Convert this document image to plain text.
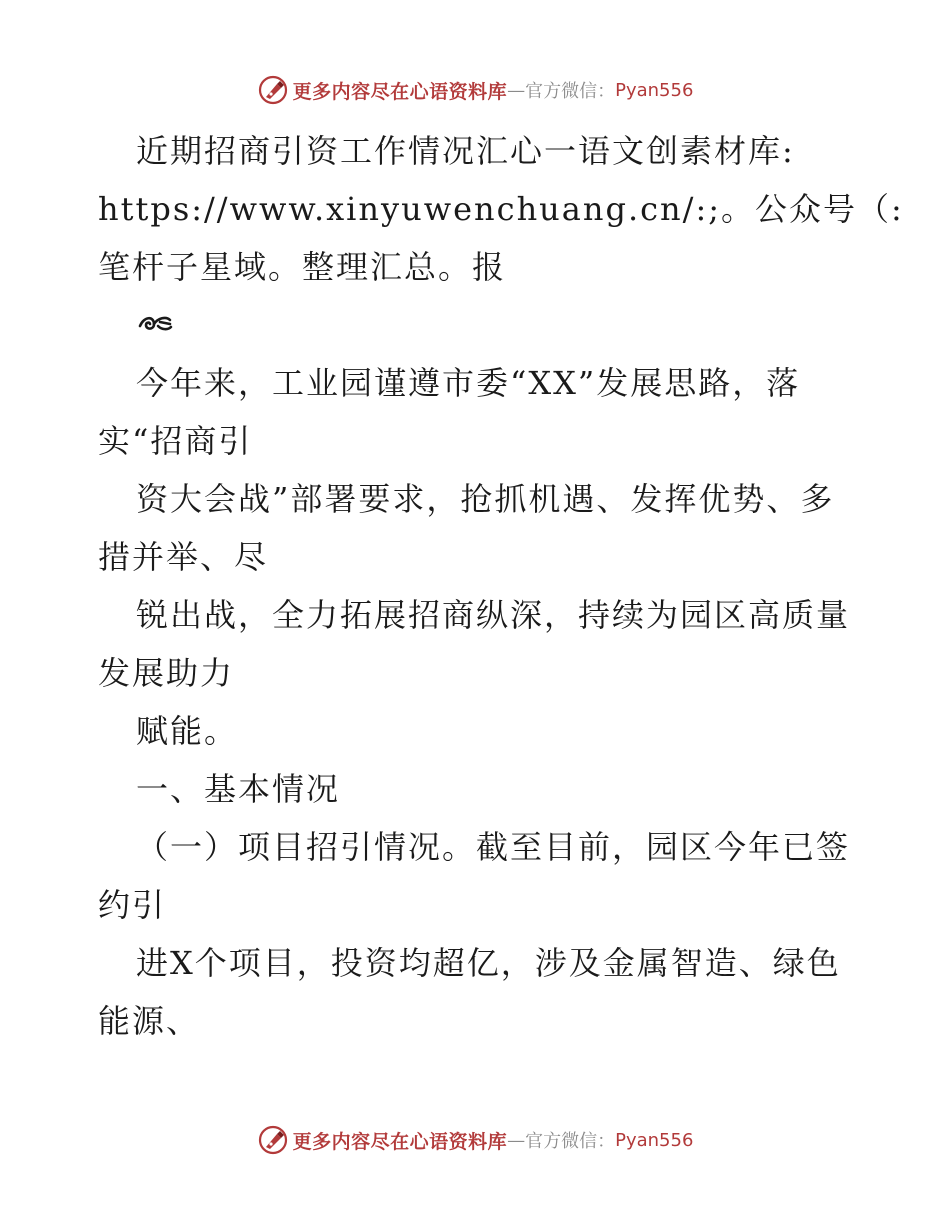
更多内容尽在心语资料库 — 官方微信： Pyan556

近期招商引资工作情况汇心一语文创素材库:

https://www.xinyuwenchuang.cn/:;。公众号（:

笔杆子星域。整理汇总。报

今年来，工业园谨遵市委“XX”发展思路，落

实“招商引

资大会战”部署要求，抢抓机遇、发挥优势、多

措并举、尽

锐出战，全力拓展招商纵深，持续为园区高质量

发展助力

赋能。

一、基本情况

（一）项目招引情况。截至目前，园区今年已签

约引

进X个项目，投资均超亿，涉及金属智造、绿色

能源、

更多内容尽在心语资料库 — 官方微信： Pyan556
